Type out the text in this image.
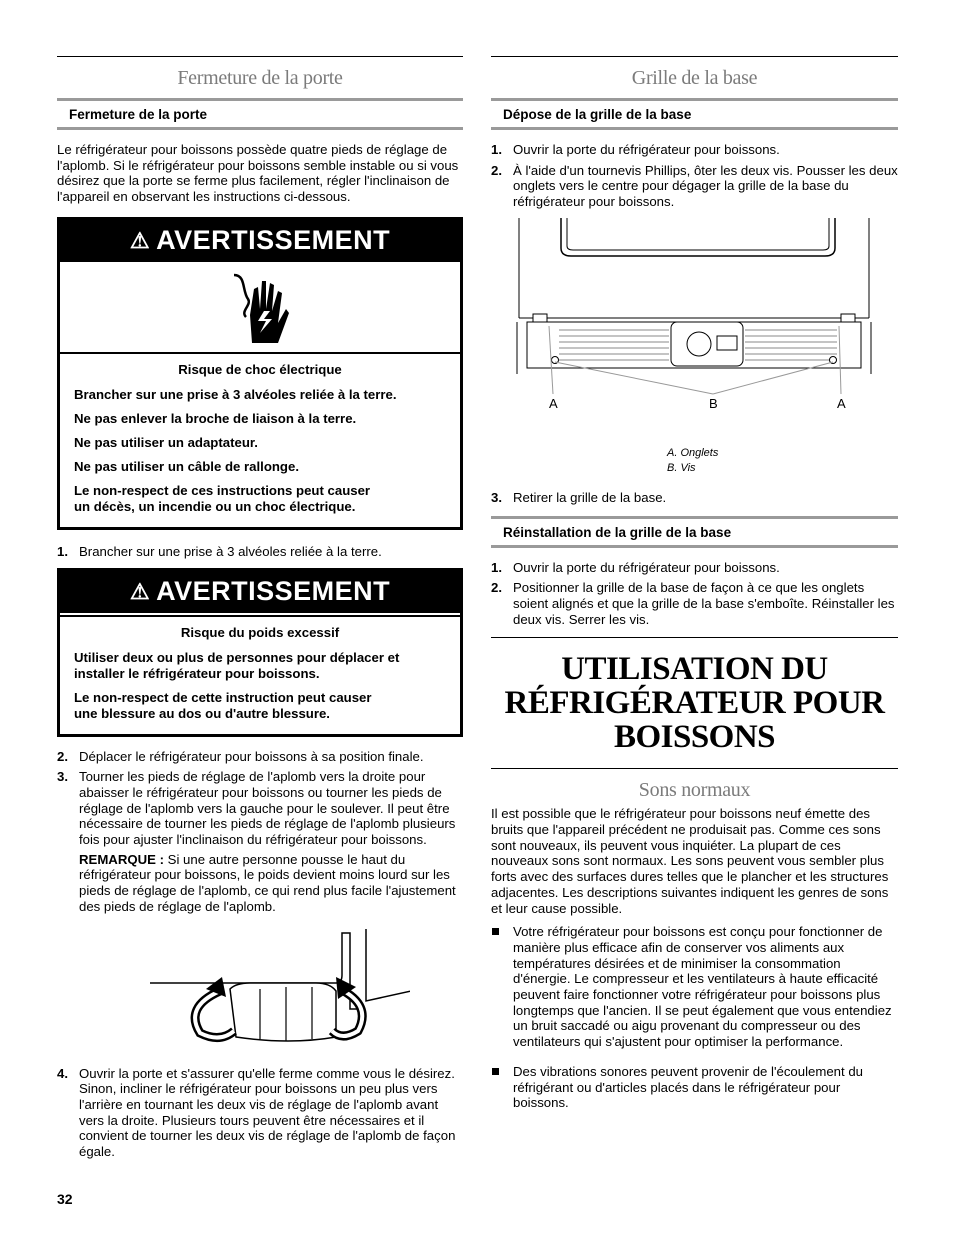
Fermeture de la porte
Fermeture de la porte

Le réfrigérateur pour boissons possède quatre pieds de réglage de l'aplomb. Si le réfrigérateur pour boissons semble instable ou si vous désirez que la porte se ferme plus facilement, régler l'inclinaison de l'appareil en observant les instructions ci-dessous.

⚠ AVERTISSEMENT

Risque de choc électrique

Brancher sur une prise à 3 alvéoles reliée à la terre.

Ne pas enlever la broche de liaison à la terre.

Ne pas utiliser un adaptateur.

Ne pas utiliser un câble de rallonge.

Le non-respect de ces instructions peut causer un décès, un incendie ou un choc électrique.

1. Brancher sur une prise à 3 alvéoles reliée à la terre.
⚠ AVERTISSEMENT

Risque du poids excessif

Utiliser deux ou plus de personnes pour déplacer et installer le réfrigérateur pour boissons.

Le non-respect de cette instruction peut causer une blessure au dos ou d'autre blessure.

2. Déplacer le réfrigérateur pour boissons à sa position finale.
3. Tourner les pieds de réglage de l'aplomb vers la droite pour abaisser le réfrigérateur pour boissons ou tourner les pieds de réglage de l'aplomb vers la gauche pour le soulever. Il peut être nécessaire de tourner les pieds de réglage de l'aplomb plusieurs fois pour ajuster l'inclinaison du réfrigérateur pour boissons.
REMARQUE : Si une autre personne pousse le haut du réfrigérateur pour boissons, le poids devient moins lourd sur les pieds de réglage de l'aplomb, ce qui rend plus facile l'ajustement des pieds de réglage de l'aplomb.
4. Ouvrir la porte et s'assurer qu'elle ferme comme vous le désirez. Sinon, incliner le réfrigérateur pour boissons un peu plus vers l'arrière en tournant les deux vis de réglage de l'aplomb avant vers la droite. Plusieurs tours peuvent être nécessaires et il convient de tourner les deux vis de réglage de l'aplomb de façon égale.
Grille de la base
Dépose de la grille de la base
1. Ouvrir la porte du réfrigérateur pour boissons.
2. À l'aide d'un tournevis Phillips, ôter les deux vis. Pousser les deux onglets vers le centre pour dégager la grille de la base du réfrigérateur pour boissons.
A	B	A
A. Onglets
B. Vis
3. Retirer la grille de la base.
Réinstallation de la grille de la base
1. Ouvrir la porte du réfrigérateur pour boissons.
2. Positionner la grille de la base de façon à ce que les onglets soient alignés et que la grille de la base s'emboîte. Réinstaller les deux vis. Serrer les vis.
UTILISATION DU RÉFRIGÉRATEUR POUR BOISSONS
Sons normaux

Il est possible que le réfrigérateur pour boissons neuf émette des bruits que l'appareil précédent ne produisait pas. Comme ces sons sont nouveaux, ils peuvent vous inquiéter. La plupart de ces nouveaux sons sont normaux. Les sons peuvent vous sembler plus forts avec des surfaces dures telles que le plancher et les structures adjacentes. Les descriptions suivantes indiquent les genres de sons et leur cause possible.

Votre réfrigérateur pour boissons est conçu pour fonctionner de manière plus efficace afin de conserver vos aliments aux températures désirées et de minimiser la consommation d'énergie. Le compresseur et les ventilateurs à haute efficacité peuvent faire fonctionner votre réfrigérateur pour boissons plus longtemps que l'ancien. Il se peut également que vous entendiez un bruit saccadé ou aigu provenant du compresseur ou des ventilateurs qui s'ajustent pour optimiser la performance.
Des vibrations sonores peuvent provenir de l'écoulement du réfrigérant ou d'articles placés dans le réfrigérateur pour boissons.
32
